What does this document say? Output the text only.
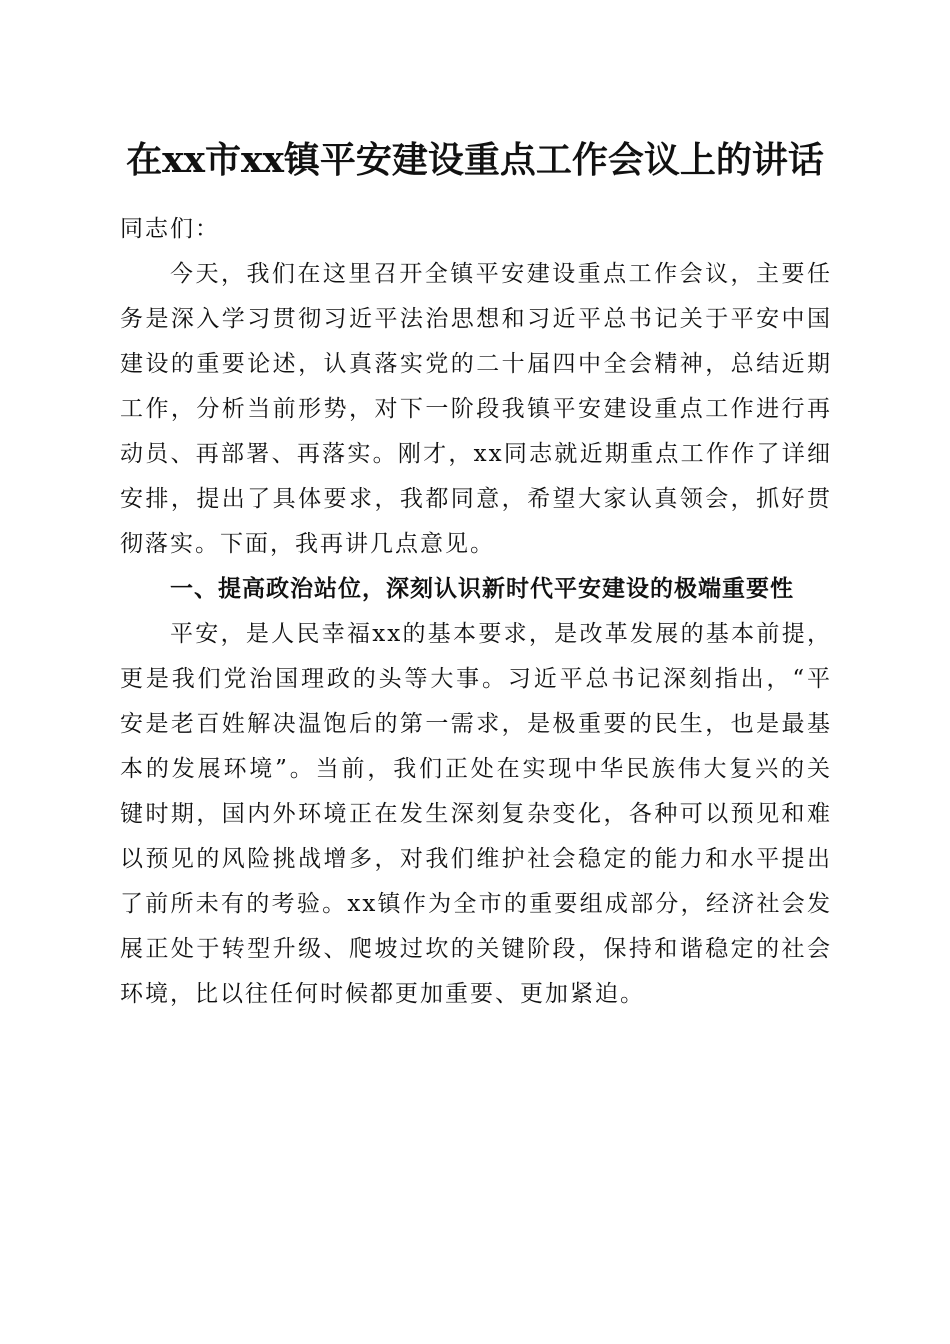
在xx市xx镇平安建设重点工作会议上的讲话

同志们：

今天，我们在这里召开全镇平安建设重点工作会议，主要任务是深入学习贯彻习近平法治思想和习近平总书记关于平安中国建设的重要论述，认真落实党的二十届四中全会精神，总结近期工作，分析当前形势，对下一阶段我镇平安建设重点工作进行再动员、再部署、再落实。刚才，xx同志就近期重点工作作了详细安排，提出了具体要求，我都同意，希望大家认真领会，抓好贯彻落实。下面，我再讲几点意见。

一、提高政治站位，深刻认识新时代平安建设的极端重要性

平安，是人民幸福xx的基本要求，是改革发展的基本前提，更是我们党治国理政的头等大事。习近平总书记深刻指出，“平安是老百姓解决温饱后的第一需求，是极重要的民生，也是最基本的发展环境”。当前，我们正处在实现中华民族伟大复兴的关键时期，国内外环境正在发生深刻复杂变化，各种可以预见和难以预见的风险挑战增多，对我们维护社会稳定的能力和水平提出了前所未有的考验。xx镇作为全市的重要组成部分，经济社会发展正处于转型升级、爬坡过坎的关键阶段，保持和谐稳定的社会环境，比以往任何时候都更加重要、更加紧迫。
